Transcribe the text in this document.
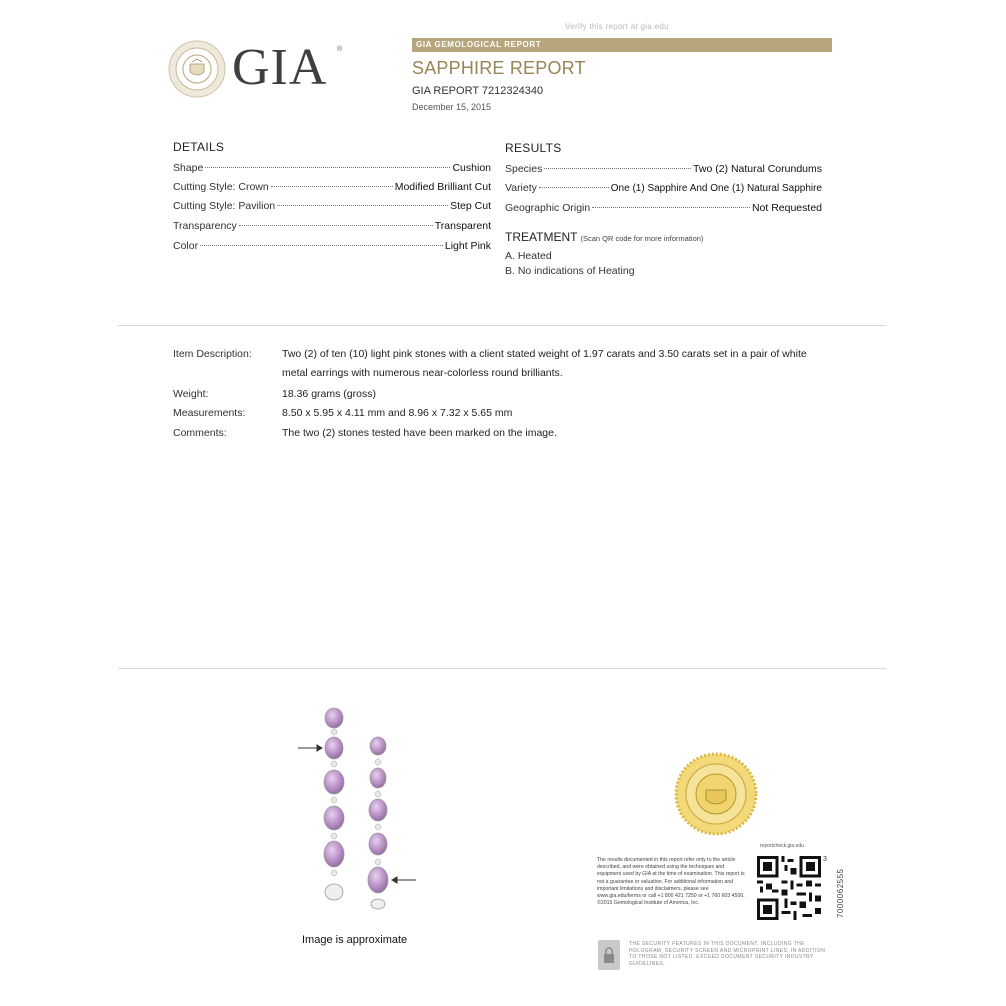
Verify this report at gia.edu
GIA ®
GIA GEMOLOGICAL REPORT
SAPPHIRE REPORT
GIA REPORT 7212324340
December 15, 2015
DETAILS
Shape	Cushion
Cutting Style: Crown	Modified Brilliant Cut
Cutting Style: Pavilion	Step Cut
Transparency	Transparent
Color	Light Pink
RESULTS
Species	Two (2) Natural Corundums
Variety	One (1) Sapphire And One (1) Natural Sapphire
Geographic Origin	Not Requested
TREATMENT (Scan QR code for more information)
A. Heated
B. No indications of Heating
Item Description:	Two (2) of ten (10) light pink stones with a client stated weight of 1.97 carats and 3.50 carats set in a pair of white metal earrings with numerous near-colorless round brilliants.
Weight:	18.36 grams (gross)
Measurements:	8.50 x 5.95 x 4.11 mm and 8.96 x 7.32 x 5.65 mm
Comments:	The two (2) stones tested have been marked on the image.
Image is approximate
The results documented in this report refer only to the article described, and were obtained using the techniques and equipment used by GIA at the time of examination. This report is not a guarantee or valuation. For additional information and important limitations and disclaimers, please see www.gia.edu/terms or call +1 800 421 7250 or +1 760 603 4500. ©2015 Gemological Institute of America, Inc.
reportcheck.gia.edu
3
THE SECURITY FEATURES IN THIS DOCUMENT, INCLUDING THE HOLOGRAM, SECURITY SCREEN AND MICROPRINT LINES, IN ADDITION TO THOSE NOT LISTED, EXCEED DOCUMENT SECURITY INDUSTRY GUIDELINES.
7000062555
